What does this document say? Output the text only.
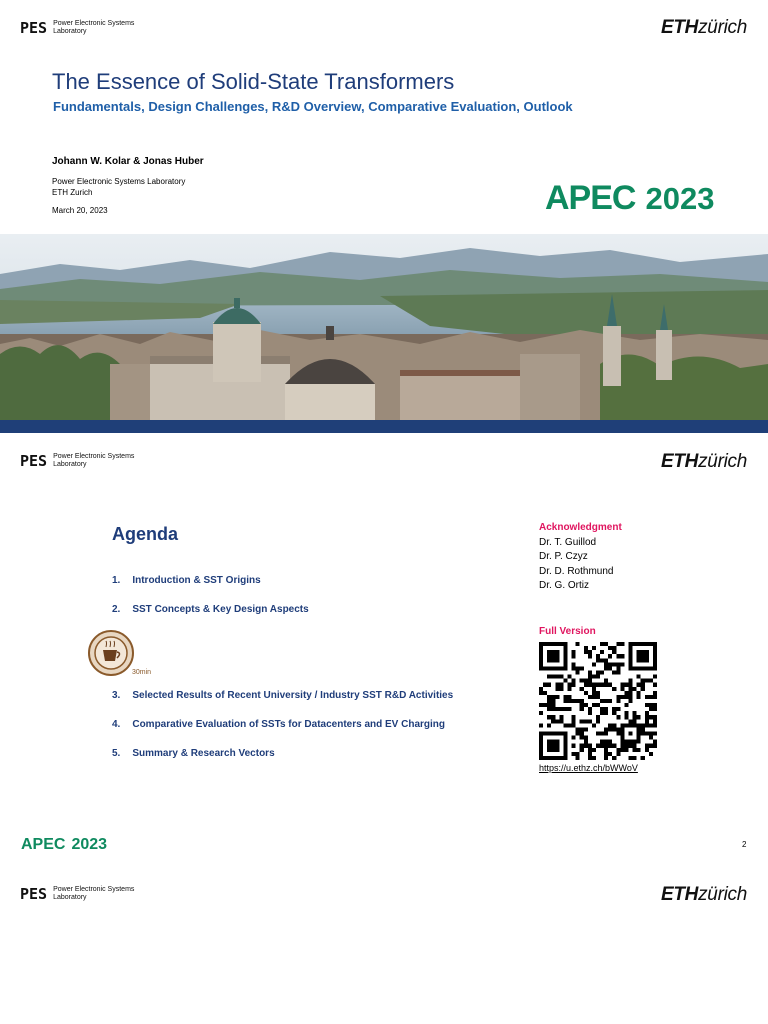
PES Power Electronic Systems
Laboratory	ETHzürich
The Essence of Solid-State Transformers
Fundamentals, Design Challenges, R&D Overview, Comparative Evaluation, Outlook
Johann W. Kolar & Jonas Huber
Power Electronic Systems Laboratory
ETH Zurich
March 20, 2023	APEC 2023
PES Power Electronic Systems
Laboratory	ETHzürich
Agenda
1. Introduction & SST Origins
2. SST Concepts & Key Design Aspects
30min
3. Selected Results of Recent University / Industry SST R&D Activities
4. Comparative Evaluation of SSTs for Datacenters and EV Charging
5. Summary & Research Vectors
Acknowledgment
Dr. T. Guillod
Dr. P. Czyz
Dr. D. Rothmund
Dr. G. Ortiz
Full Version
https://u.ethz.ch/bWWoV
APEC 2023	2
PES Power Electronic Systems
Laboratory	ETHzürich
